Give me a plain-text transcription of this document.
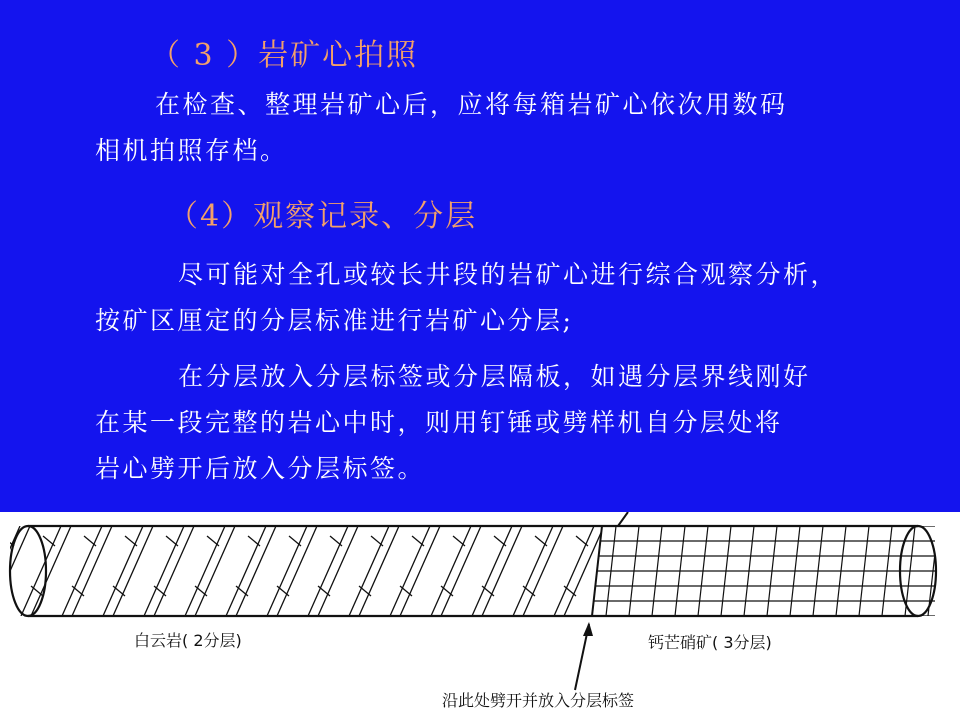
（ 3 ）岩矿心拍照
在检查、整理岩矿心后，应将每箱岩矿心依次用数码
相机拍照存档。
（4）观察记录、分层
尽可能对全孔或较长井段的岩矿心进行综合观察分析，
按矿区厘定的分层标准进行岩矿心分层;
在分层放入分层标签或分层隔板，如遇分层界线刚好
在某一段完整的岩心中时，则用钉锤或劈样机自分层处将
岩心劈开后放入分层标签。
白云岩( 2分层)	钙芒硝矿( 3分层)
沿此处劈开并放入分层标签
